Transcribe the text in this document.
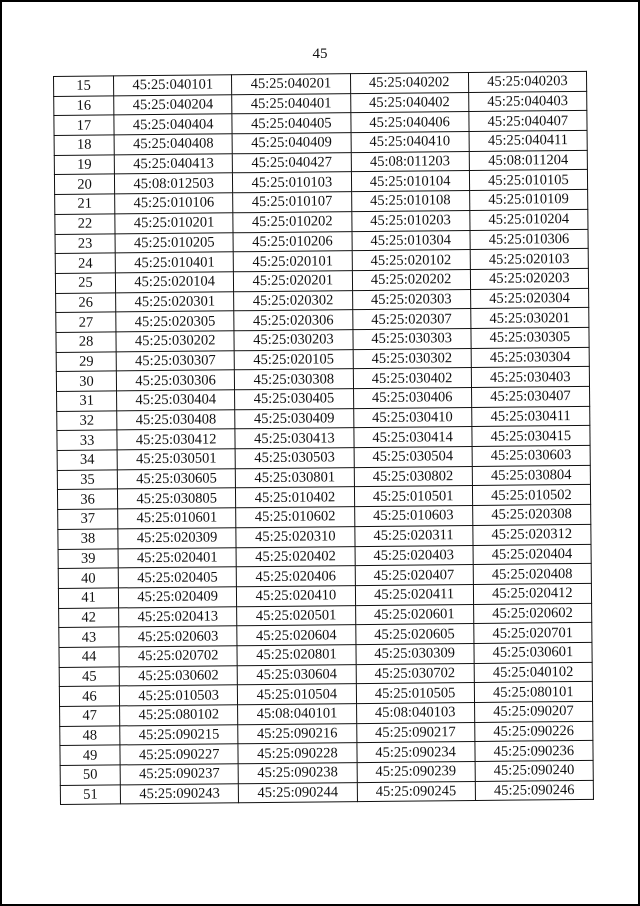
45
15	45:25:040101	45:25:040201	45:25:040202	45:25:040203
16	45:25:040204	45:25:040401	45:25:040402	45:25:040403
17	45:25:040404	45:25:040405	45:25:040406	45:25:040407
18	45:25:040408	45:25:040409	45:25:040410	45:25:040411
19	45:25:040413	45:25:040427	45:08:011203	45:08:011204
20	45:08:012503	45:25:010103	45:25:010104	45:25:010105
21	45:25:010106	45:25:010107	45:25:010108	45:25:010109
22	45:25:010201	45:25:010202	45:25:010203	45:25:010204
23	45:25:010205	45:25:010206	45:25:010304	45:25:010306
24	45:25:010401	45:25:020101	45:25:020102	45:25:020103
25	45:25:020104	45:25:020201	45:25:020202	45:25:020203
26	45:25:020301	45:25:020302	45:25:020303	45:25:020304
27	45:25:020305	45:25:020306	45:25:020307	45:25:030201
28	45:25:030202	45:25:030203	45:25:030303	45:25:030305
29	45:25:030307	45:25:020105	45:25:030302	45:25:030304
30	45:25:030306	45:25:030308	45:25:030402	45:25:030403
31	45:25:030404	45:25:030405	45:25:030406	45:25:030407
32	45:25:030408	45:25:030409	45:25:030410	45:25:030411
33	45:25:030412	45:25:030413	45:25:030414	45:25:030415
34	45:25:030501	45:25:030503	45:25:030504	45:25:030603
35	45:25:030605	45:25:030801	45:25:030802	45:25:030804
36	45:25:030805	45:25:010402	45:25:010501	45:25:010502
37	45:25:010601	45:25:010602	45:25:010603	45:25:020308
38	45:25:020309	45:25:020310	45:25:020311	45:25:020312
39	45:25:020401	45:25:020402	45:25:020403	45:25:020404
40	45:25:020405	45:25:020406	45:25:020407	45:25:020408
41	45:25:020409	45:25:020410	45:25:020411	45:25:020412
42	45:25:020413	45:25:020501	45:25:020601	45:25:020602
43	45:25:020603	45:25:020604	45:25:020605	45:25:020701
44	45:25:020702	45:25:020801	45:25:030309	45:25:030601
45	45:25:030602	45:25:030604	45:25:030702	45:25:040102
46	45:25:010503	45:25:010504	45:25:010505	45:25:080101
47	45:25:080102	45:08:040101	45:08:040103	45:25:090207
48	45:25:090215	45:25:090216	45:25:090217	45:25:090226
49	45:25:090227	45:25:090228	45:25:090234	45:25:090236
50	45:25:090237	45:25:090238	45:25:090239	45:25:090240
51	45:25:090243	45:25:090244	45:25:090245	45:25:090246
